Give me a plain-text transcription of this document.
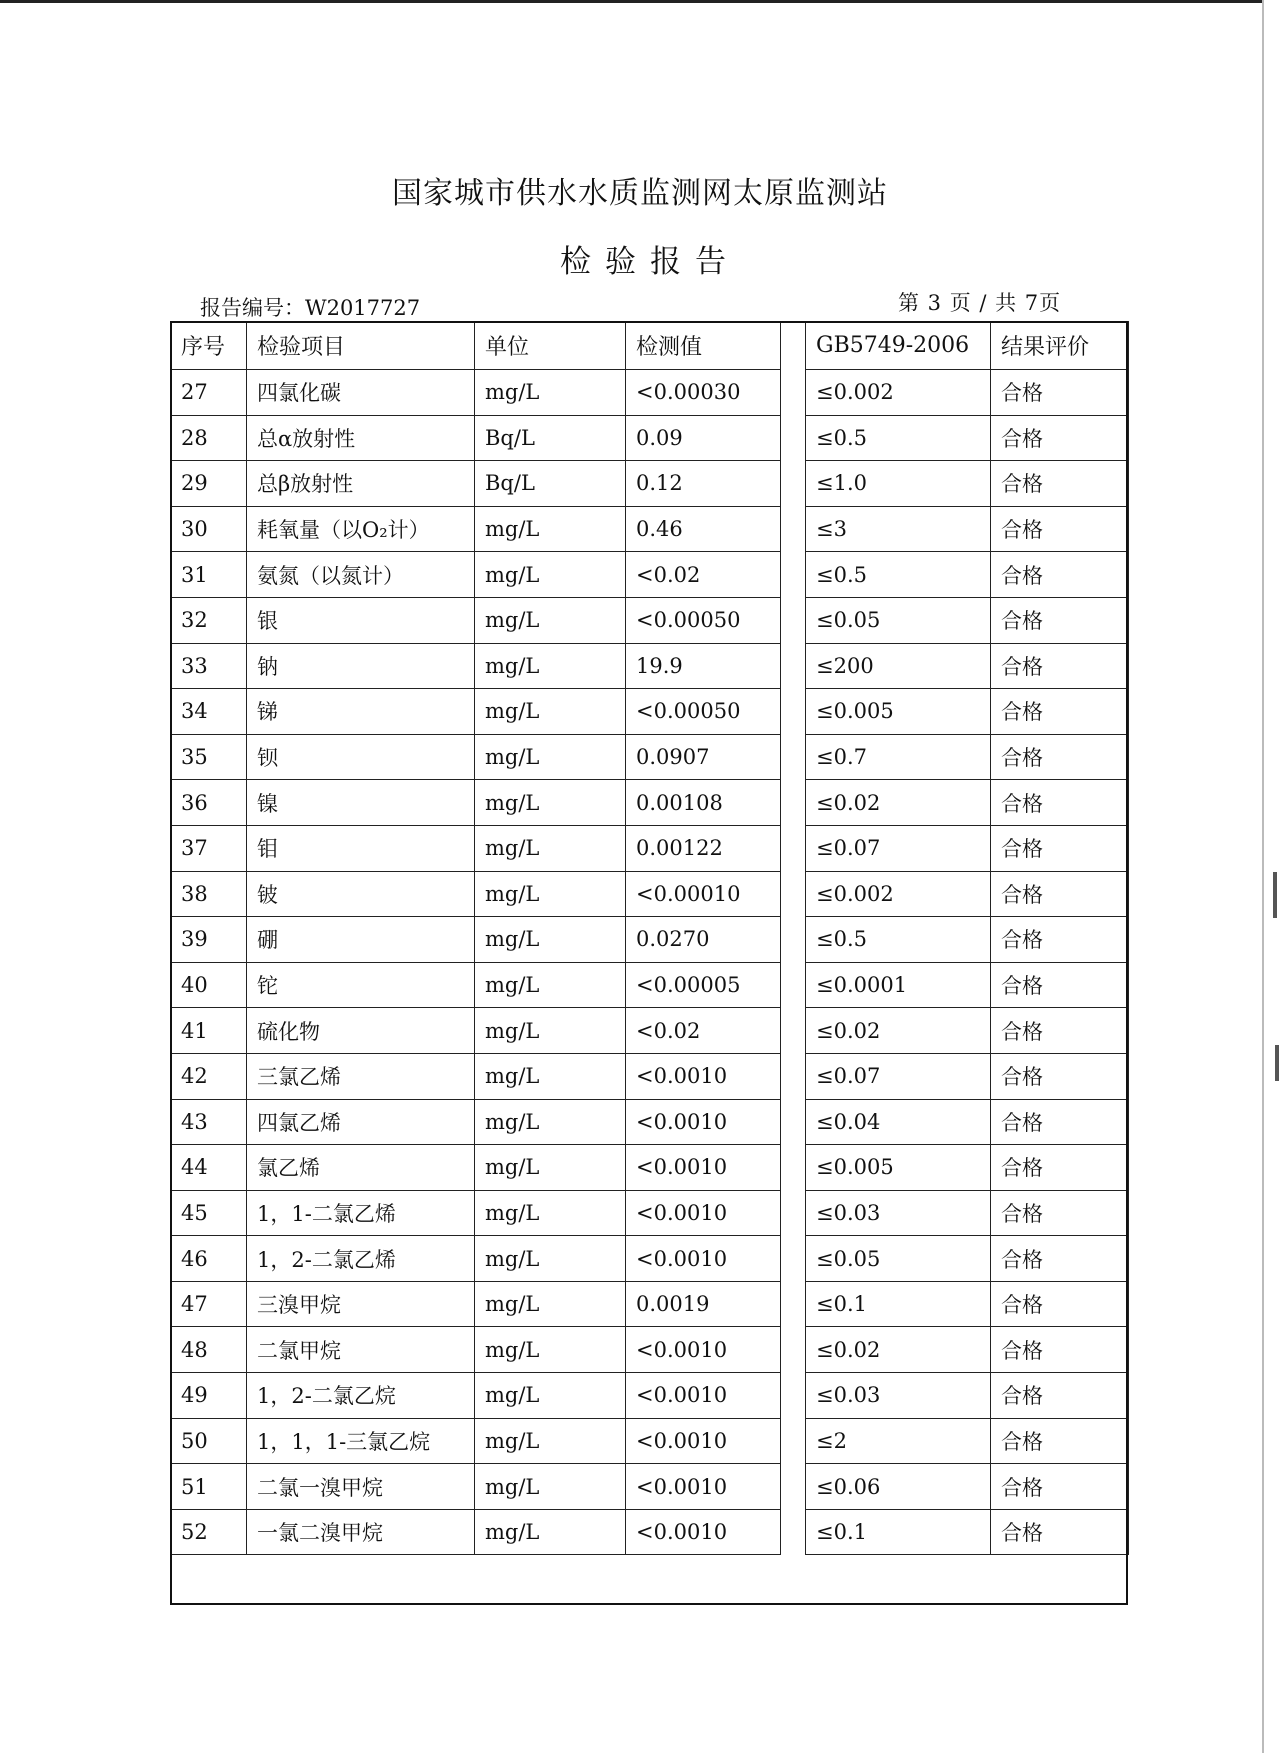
国家城市供水水质监测网太原监测站
检验报告
报告编号：W2017727	第 3 页 / 共 7页
序号	检验项目	单位	检测值		GB5749-2006	结果评价
27	四氯化碳	mg/L	<0.00030		≤0.002	合格
28	总α放射性	Bq/L	0.09		≤0.5	合格
29	总β放射性	Bq/L	0.12		≤1.0	合格
30	耗氧量（以O₂计）	mg/L	0.46		≤3	合格
31	氨氮（以氮计）	mg/L	<0.02		≤0.5	合格
32	银	mg/L	<0.00050		≤0.05	合格
33	钠	mg/L	19.9		≤200	合格
34	锑	mg/L	<0.00050		≤0.005	合格
35	钡	mg/L	0.0907		≤0.7	合格
36	镍	mg/L	0.00108		≤0.02	合格
37	钼	mg/L	0.00122		≤0.07	合格
38	铍	mg/L	<0.00010		≤0.002	合格
39	硼	mg/L	0.0270		≤0.5	合格
40	铊	mg/L	<0.00005		≤0.0001	合格
41	硫化物	mg/L	<0.02		≤0.02	合格
42	三氯乙烯	mg/L	<0.0010		≤0.07	合格
43	四氯乙烯	mg/L	<0.0010		≤0.04	合格
44	氯乙烯	mg/L	<0.0010		≤0.005	合格
45	1，1-二氯乙烯	mg/L	<0.0010		≤0.03	合格
46	1，2-二氯乙烯	mg/L	<0.0010		≤0.05	合格
47	三溴甲烷	mg/L	0.0019		≤0.1	合格
48	二氯甲烷	mg/L	<0.0010		≤0.02	合格
49	1，2-二氯乙烷	mg/L	<0.0010		≤0.03	合格
50	1，1，1-三氯乙烷	mg/L	<0.0010		≤2	合格
51	二氯一溴甲烷	mg/L	<0.0010		≤0.06	合格
52	一氯二溴甲烷	mg/L	<0.0010		≤0.1	合格
